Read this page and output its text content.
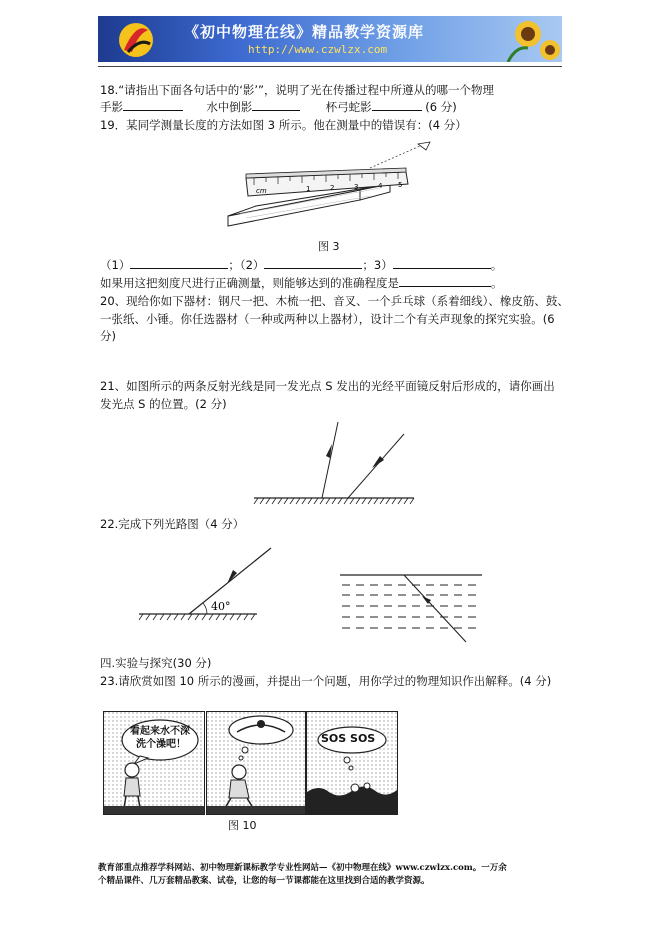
《初中物理在线》精品教学资源库
http://www.czwlzx.com
18.“请指出下面各句话中的‘影’”，说明了光在传播过程中所遵从的哪一个物理
手影	水中倒影	杯弓蛇影	(6 分)
19．某同学测量长度的方法如图 3 所示。他在测量中的错误有：(4 分）
cm	1	2	3	4 5
图 3
（1）	；（2）	；3）	。
如果用这把刻度尺进行正确测量，则能够达到的准确程度是	。
20、现给你如下器材：钢尺一把、木梳一把、音叉、一个乒乓球（系着细线）、橡皮筋、鼓、
一张纸、小锤。你任选器材（一种或两种以上器材），设计二个有关声现象的探究实验。(6
分)
21、如图所示的两条反射光线是同一发光点 S 发出的光经平面镜反射后形成的，请你画出
发光点 S 的位置。(2 分)
22.完成下列光路图（4 分）
40°
四.实验与探究(30 分)
23.请欣赏如图 10 所示的漫画，并提出一个问题，用你学过的物理知识作出解释。(4 分)
看起来水不深
洗个澡吧！	SOS SOS
图 10
教育部重点推荐学科网站、初中物理新课标教学专业性网站—《初中物理在线》www.czwlzx.com。一万余
个精品课件、几万套精品教案、试卷，让您的每一节课都能在这里找到合适的教学资源。
